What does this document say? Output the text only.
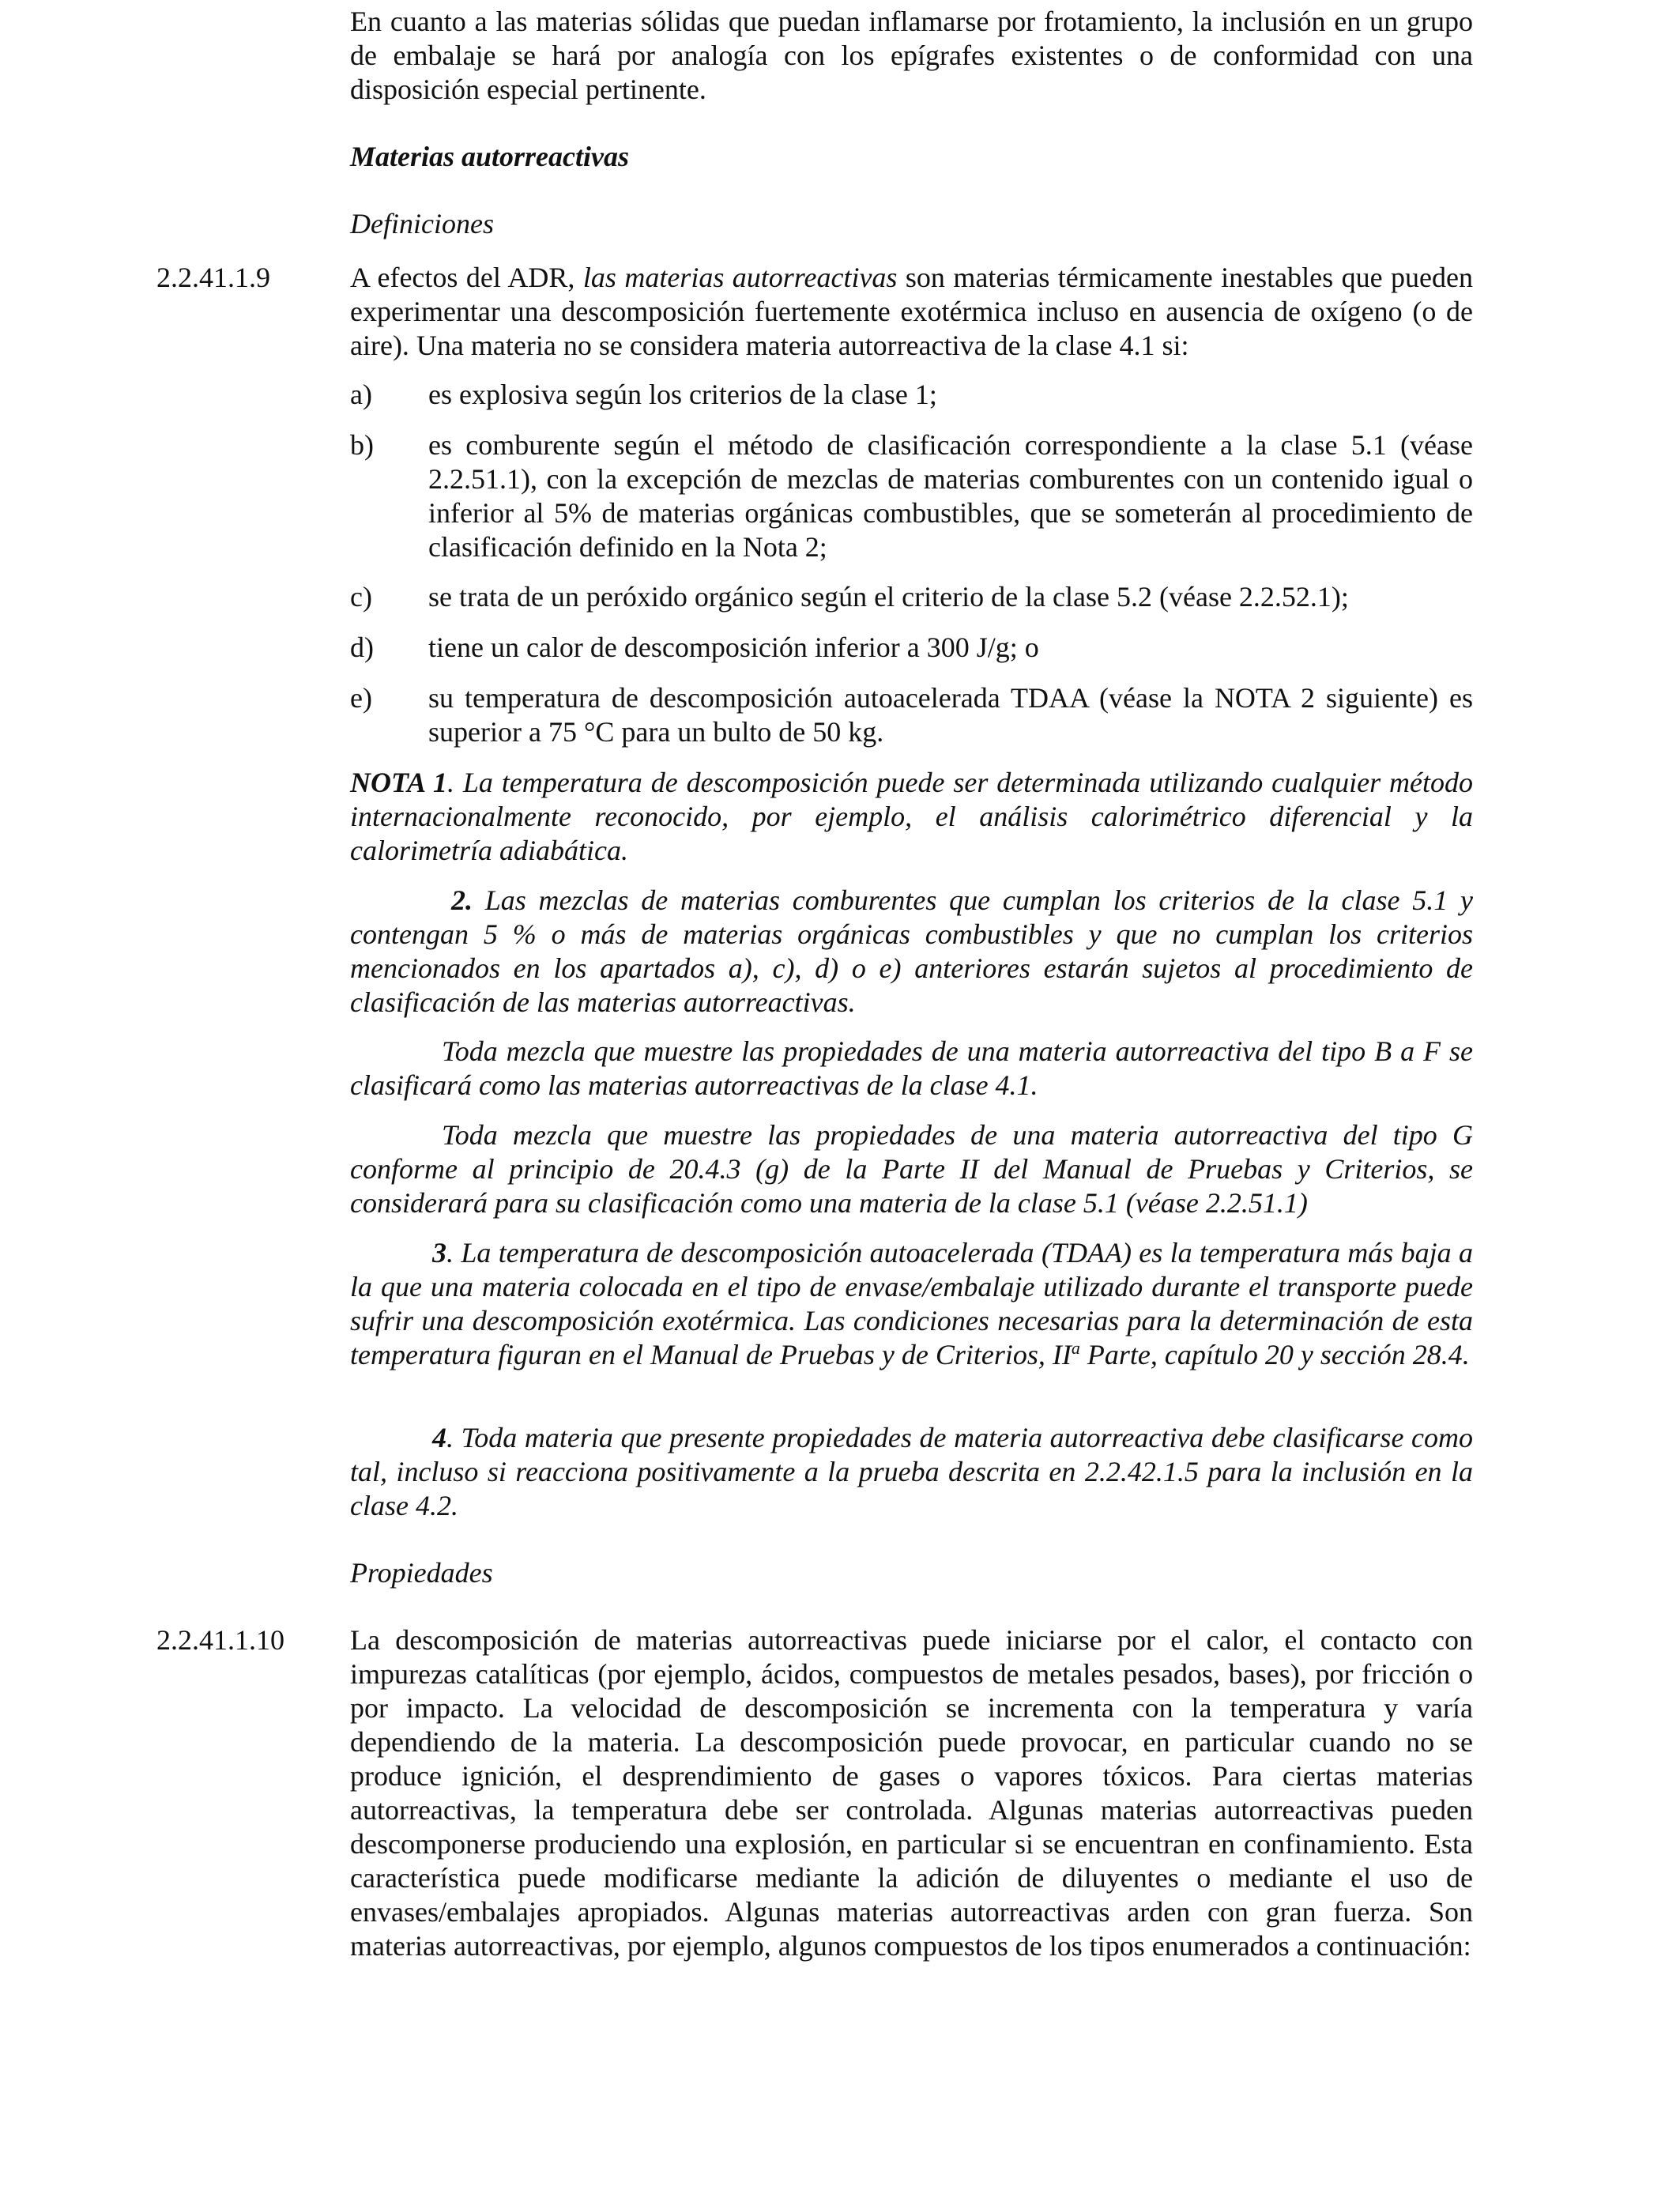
En cuanto a las materias sólidas que puedan inflamarse por frotamiento, la inclusión en un grupo de embalaje se hará por analogía con los epígrafes existentes o de conformidad con una disposición especial pertinente.

Materias autorreactivas

Definiciones

2.2.41.1.9	A efectos del ADR, las materias autorreactivas son materias térmicamente inestables que pueden experimentar una descomposición fuertemente exotérmica incluso en ausencia de oxígeno (o de aire). Una materia no se considera materia autorreactiva de la clase 4.1 si:

a) es explosiva según los criterios de la clase 1;

b) es comburente según el método de clasificación correspondiente a la clase 5.1 (véase 2.2.51.1), con la excepción de mezclas de materias comburentes con un contenido igual o inferior al 5% de materias orgánicas combustibles, que se someterán al procedimiento de clasificación definido en la Nota 2;

c) se trata de un peróxido orgánico según el criterio de la clase 5.2 (véase 2.2.52.1);

d) tiene un calor de descomposición inferior a 300 J/g; o

e) su temperatura de descomposición autoacelerada TDAA (véase la NOTA 2 siguiente) es superior a 75 °C para un bulto de 50 kg.

NOTA 1. La temperatura de descomposición puede ser determinada utilizando cualquier método internacionalmente reconocido, por ejemplo, el análisis calorimétrico diferencial y la calorimetría adiabática.

2. Las mezclas de materias comburentes que cumplan los criterios de la clase 5.1 y contengan 5 % o más de materias orgánicas combustibles y que no cumplan los criterios mencionados en los apartados a), c), d) o e) anteriores estarán sujetos al procedimiento de clasificación de las materias autorreactivas.

Toda mezcla que muestre las propiedades de una materia autorreactiva del tipo B a F se clasificará como las materias autorreactivas de la clase 4.1.

Toda mezcla que muestre las propiedades de una materia autorreactiva del tipo G conforme al principio de 20.4.3 (g) de la Parte II del Manual de Pruebas y Criterios, se considerará para su clasificación como una materia de la clase 5.1 (véase 2.2.51.1)

3. La temperatura de descomposición autoacelerada (TDAA) es la temperatura más baja a la que una materia colocada en el tipo de envase/embalaje utilizado durante el transporte puede sufrir una descomposición exotérmica. Las condiciones necesarias para la determinación de esta temperatura figuran en el Manual de Pruebas y de Criterios, $II^a$ Parte, capítulo 20 y sección 28.4.

4. Toda materia que presente propiedades de materia autorreactiva debe clasificarse como tal, incluso si reacciona positivamente a la prueba descrita en 2.2.42.1.5 para la inclusión en la clase 4.2.

Propiedades

2.2.41.1.10 La descomposición de materias autorreactivas puede iniciarse por el calor, el contacto con impurezas catalíticas (por ejemplo, ácidos, compuestos de metales pesados, bases), por fricción o por impacto. La velocidad de descomposición se incrementa con la temperatura y varía dependiendo de la materia. La descomposición puede provocar, en particular cuando no se produce ignición, el desprendimiento de gases o vapores tóxicos. Para ciertas materias autorreactivas, la temperatura debe ser controlada. Algunas materias autorreactivas pueden descomponerse produciendo una explosión, en particular si se encuentran en confinamiento. Esta característica puede modificarse mediante la adición de diluyentes o mediante el uso de envases/embalajes apropiados. Algunas materias autorreactivas arden con gran fuerza. Son materias autorreactivas, por ejemplo, algunos compuestos de los tipos enumerados a continuación:
